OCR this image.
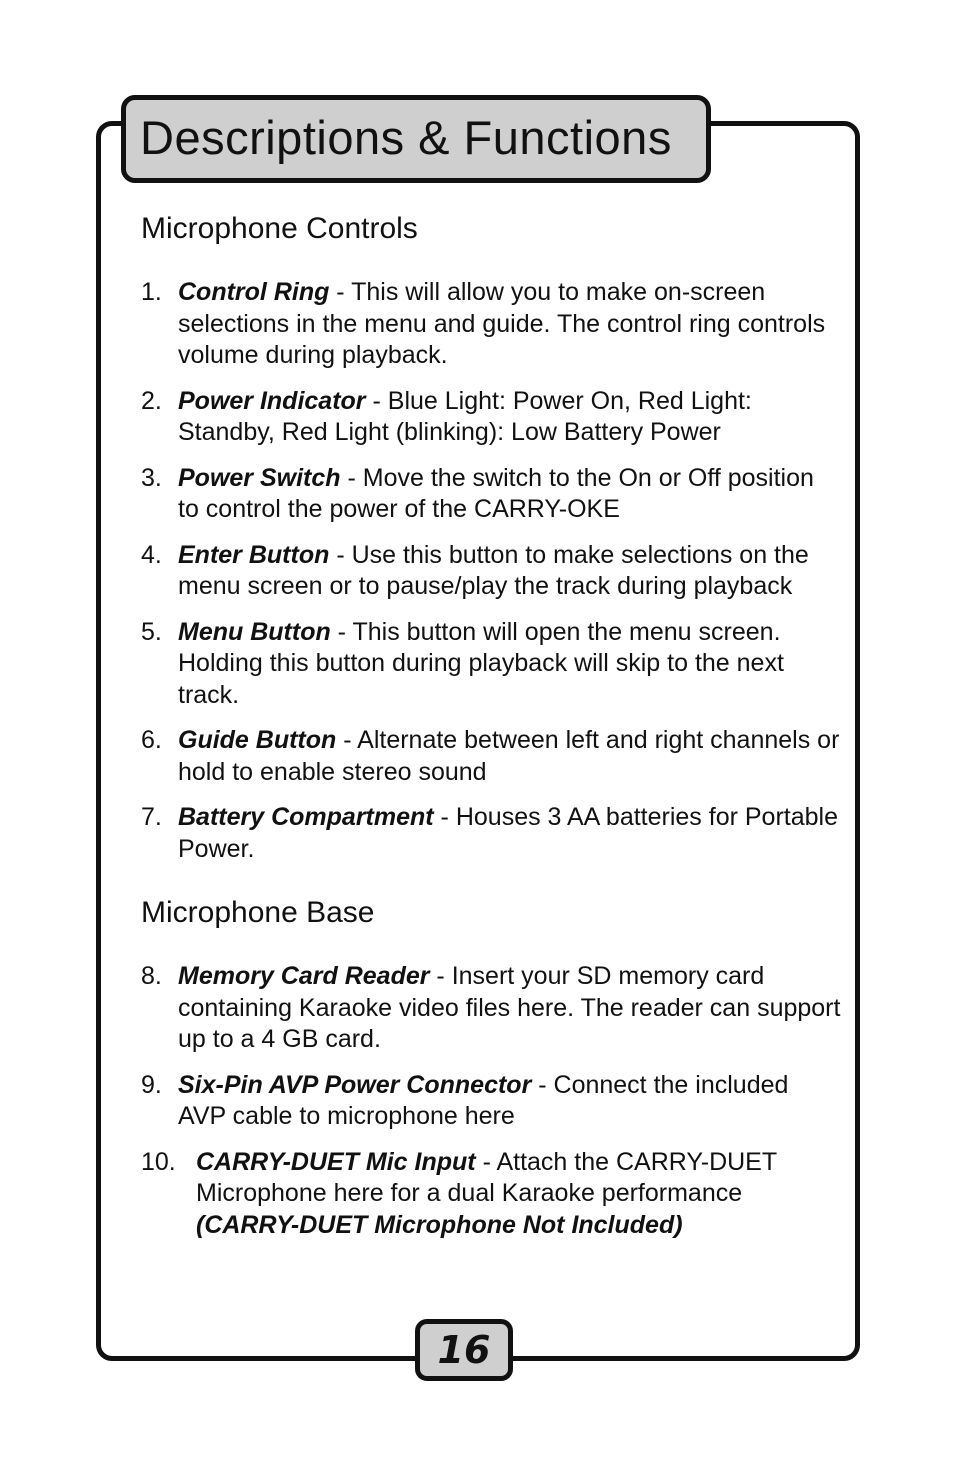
Descriptions & Functions
Microphone Controls
1. Control Ring - This will allow you to make on-screen selections in the menu and guide. The control ring controls volume during playback.
2. Power Indicator - Blue Light: Power On, Red Light: Standby, Red Light (blinking): Low Battery Power
3. Power Switch - Move the switch to the On or Off position to control the power of the CARRY-OKE
4. Enter Button - Use this button to make selections on the menu screen or to pause/play the track during playback
5. Menu Button - This button will open the menu screen. Holding this button during playback will skip to the next track.
6. Guide Button - Alternate between left and right channels or hold to enable stereo sound
7. Battery Compartment - Houses 3 AA batteries for Portable Power.
Microphone Base
8. Memory Card Reader - Insert your SD memory card containing Karaoke video files here. The reader can support up to a 4 GB card.
9. Six-Pin AVP Power Connector - Connect the included AVP cable to microphone here
10. CARRY-DUET Mic Input - Attach the CARRY-DUET Microphone here for a dual Karaoke performance
(CARRY-DUET Microphone Not Included)
16
